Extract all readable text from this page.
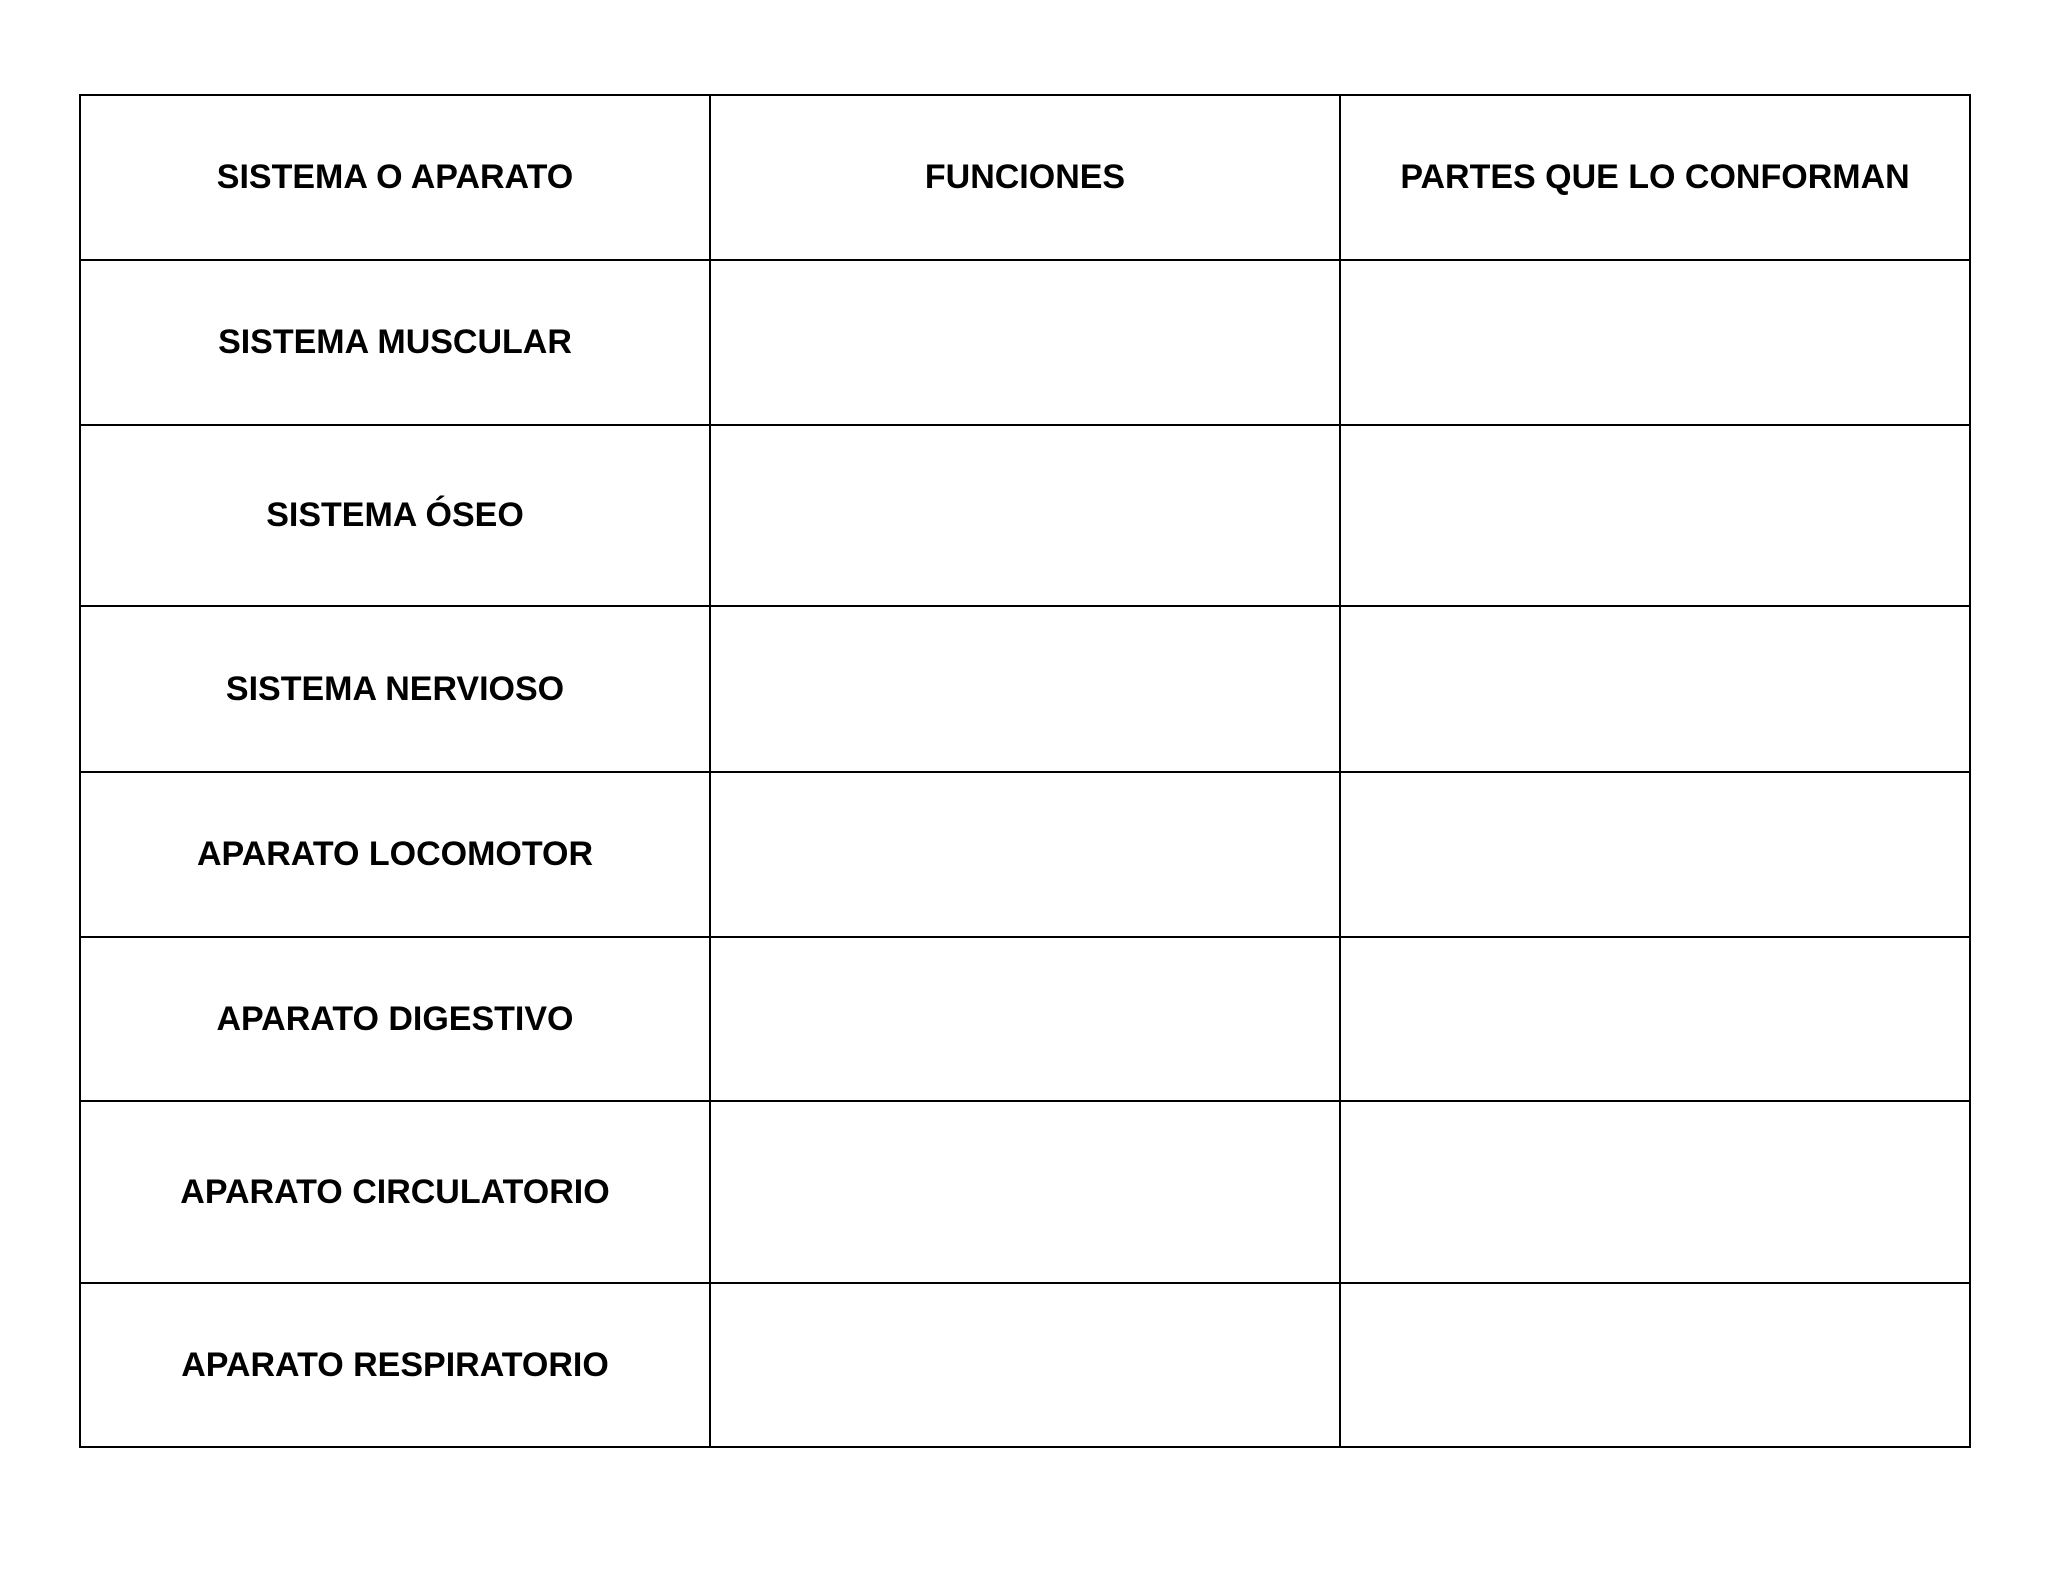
SISTEMA O APARATO	FUNCIONES	PARTES QUE LO CONFORMAN
SISTEMA MUSCULAR		
SISTEMA ÓSEO		
SISTEMA NERVIOSO		
APARATO LOCOMOTOR		
APARATO DIGESTIVO		
APARATO CIRCULATORIO		
APARATO RESPIRATORIO		
